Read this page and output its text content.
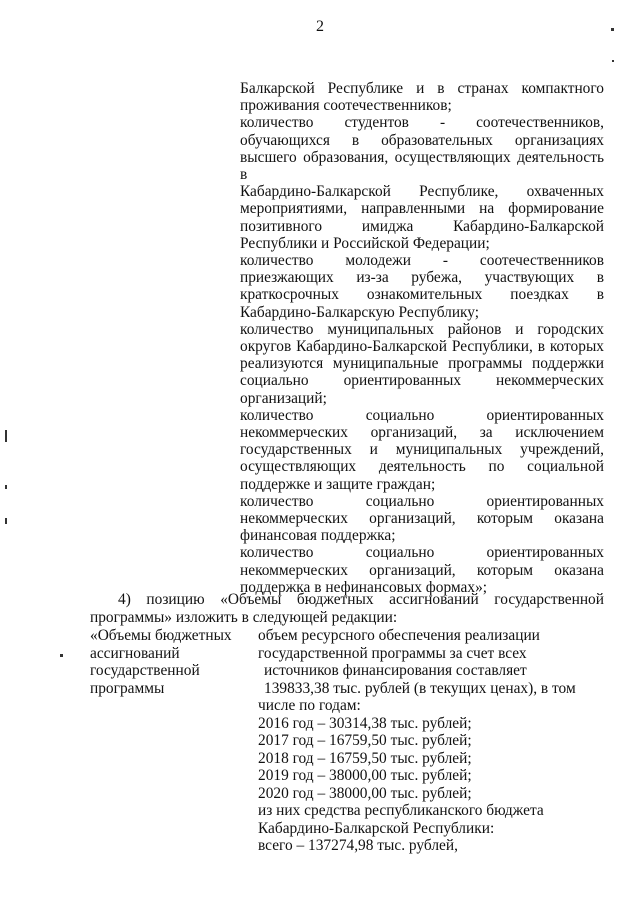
2

Балкарской Республике и в странах компактного

проживания соотечественников;

количество студентов - соотечественников,

обучающихся в образовательных организациях

высшего образования, осуществляющих деятельность в

Кабардино-Балкарской Республике, охваченных

мероприятиями, направленными на формирование

позитивного имиджа Кабардино-Балкарской

Республики и Российской Федерации;

количество молодежи - соотечественников

приезжающих из-за рубежа, участвующих в

краткосрочных ознакомительных поездках в

Кабардино-Балкарскую Республику;

количество муниципальных районов и городских

округов Кабардино-Балкарской Республики, в которых

реализуются муниципальные программы поддержки

социально ориентированных некоммерческих

организаций;

количество социально ориентированных

некоммерческих организаций, за исключением

государственных и муниципальных учреждений,

осуществляющих деятельность по социальной

поддержке и защите граждан;

количество социально ориентированных

некоммерческих организаций, которым оказана

финансовая поддержка;

количество социально ориентированных

некоммерческих организаций, которым оказана

поддержка в нефинансовых формах»;

4) позицию «Объемы бюджетных ассигнований государственной

программы» изложить в следующей редакции:

«Объемы бюджетных

ассигнований

государственной

программы

объем ресурсного обеспечения реализации

государственной программы за счет всех

источников финансирования составляет

139833,38 тыс. рублей (в текущих ценах), в том

числе по годам:

2016 год – 30314,38 тыс. рублей;

2017 год – 16759,50 тыс. рублей;

2018 год – 16759,50 тыс. рублей;

2019 год – 38000,00 тыс. рублей;

2020 год – 38000,00 тыс. рублей;

из них средства республиканского бюджета

Кабардино-Балкарской Республики:

всего – 137274,98 тыс. рублей,
